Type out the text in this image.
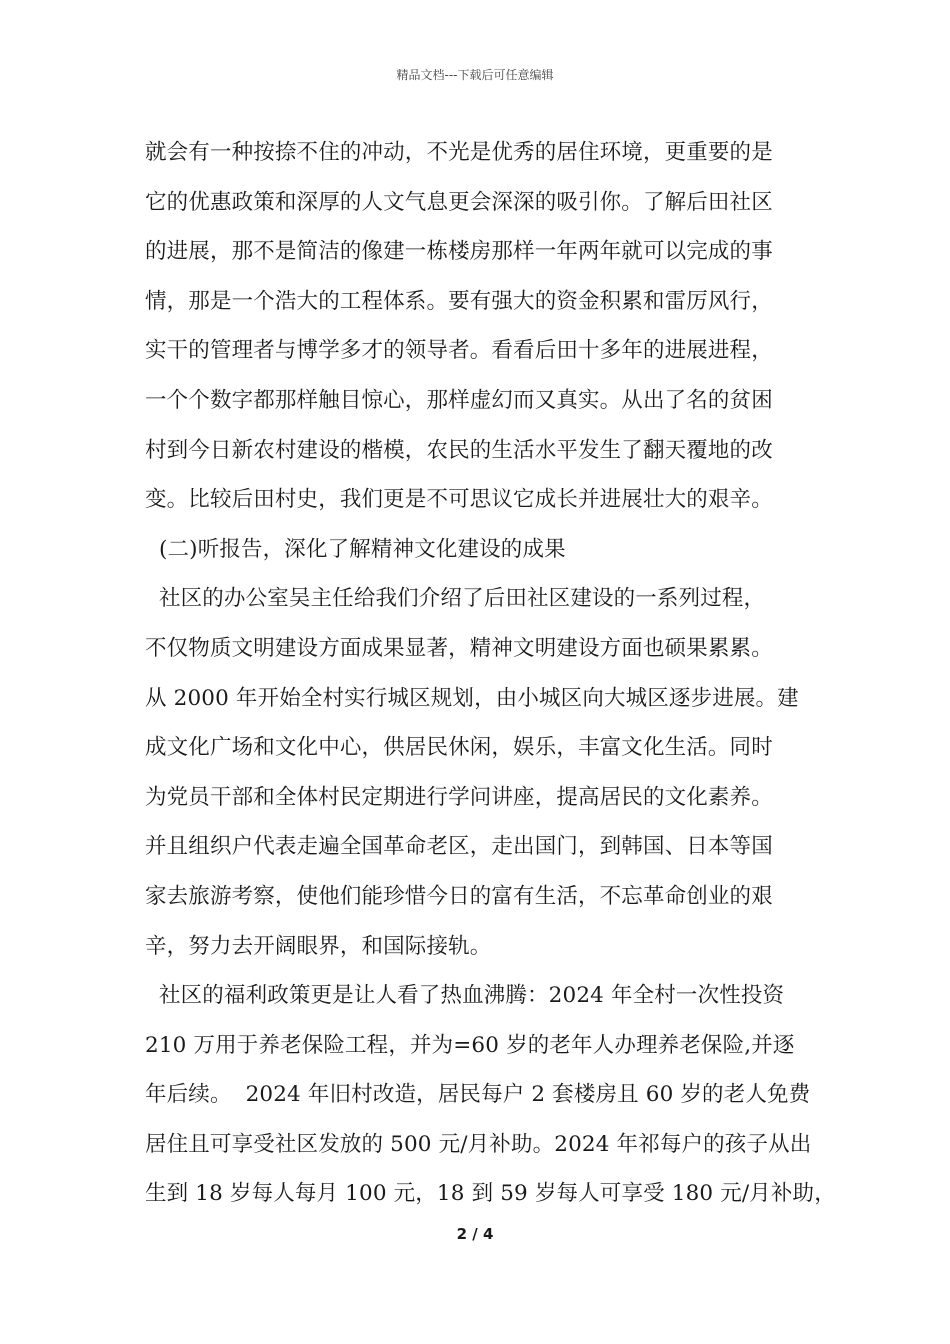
精品文档---下载后可任意编辑
就会有一种按捺不住的冲动，不光是优秀的居住环境，更重要的是
它的优惠政策和深厚的人文气息更会深深的吸引你。了解后田社区
的进展，那不是简洁的像建一栋楼房那样一年两年就可以完成的事
情，那是一个浩大的工程体系。要有强大的资金积累和雷厉风行，
实干的管理者与博学多才的领导者。看看后田十多年的进展进程，
一个个数字都那样触目惊心，那样虚幻而又真实。从出了名的贫困
村到今日新农村建设的楷模，农民的生活水平发生了翻天覆地的改
变。比较后田村史，我们更是不可思议它成长并进展壮大的艰辛。
(二)听报告，深化了解精神文化建设的成果
社区的办公室吴主任给我们介绍了后田社区建设的一系列过程，
不仅物质文明建设方面成果显著，精神文明建设方面也硕果累累。
从 2000 年开始全村实行城区规划，由小城区向大城区逐步进展。建
成文化广场和文化中心，供居民休闲，娱乐，丰富文化生活。同时
为党员干部和全体村民定期进行学问讲座，提高居民的文化素养。
并且组织户代表走遍全国革命老区，走出国门，到韩国、日本等国
家去旅游考察，使他们能珍惜今日的富有生活，不忘革命创业的艰
辛，努力去开阔眼界，和国际接轨。
社区的福利政策更是让人看了热血沸腾：2024 年全村一次性投资
210 万用于养老保险工程，并为=60 岁的老年人办理养老保险,并逐
年后续。  2024 年旧村改造，居民每户 2 套楼房且 60 岁的老人免费
居住且可享受社区发放的 500 元/月补助。2024 年祁每户的孩子从出
生到 18 岁每人每月 100 元，18 到 59 岁每人可享受 180 元/月补助，
2 / 4
